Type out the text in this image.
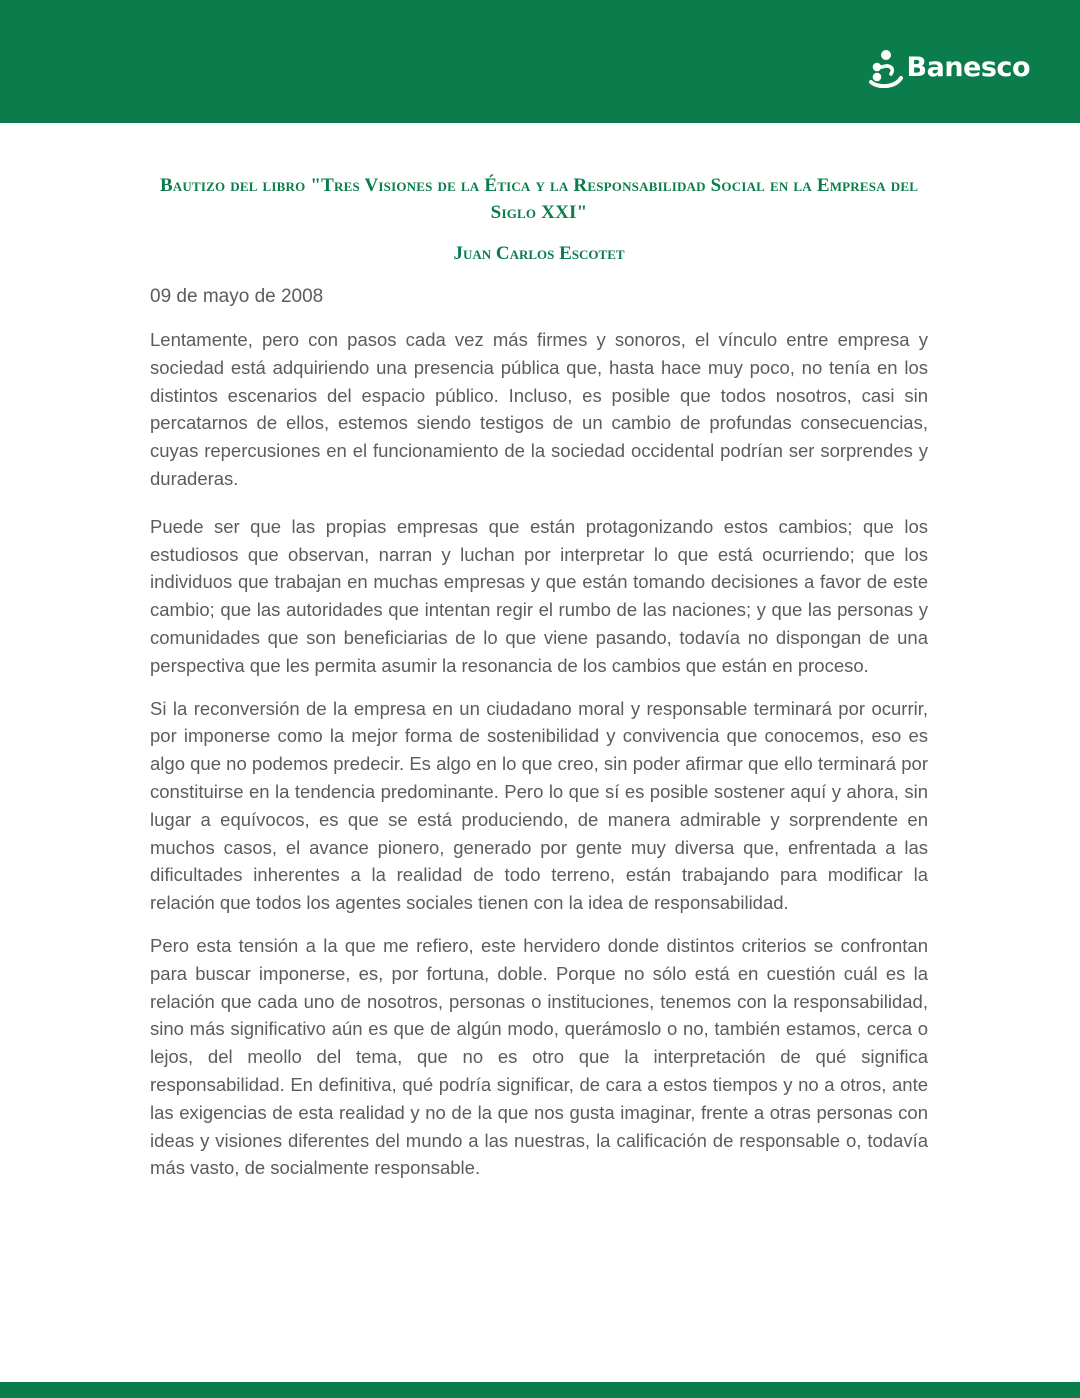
Banesco
Bautizo del libro "Tres Visiones de la Ética y la Responsabilidad Social en la Empresa del Siglo XXI"

Juan Carlos Escotet

09 de mayo de 2008

Lentamente, pero con pasos cada vez más firmes y sonoros, el vínculo entre empresa y sociedad está adquiriendo una presencia pública que, hasta hace muy poco, no tenía en los distintos escenarios del espacio público. Incluso, es posible que todos nosotros, casi sin percatarnos de ellos, estemos siendo testigos de un cambio de profundas consecuencias, cuyas repercusiones en el funcionamiento de la sociedad occidental podrían ser sorprendes y duraderas.

Puede ser que las propias empresas que están protagonizando estos cambios; que los estudiosos que observan, narran y luchan por interpretar lo que está ocurriendo; que los individuos que trabajan en muchas empresas y que están tomando decisiones a favor de este cambio; que las autoridades que intentan regir el rumbo de las naciones; y que las personas y comunidades que son beneficiarias de lo que viene pasando, todavía no dispongan de una perspectiva que les permita asumir la resonancia de los cambios que están en proceso.

Si la reconversión de la empresa en un ciudadano moral y responsable terminará por ocurrir, por imponerse como la mejor forma de sostenibilidad y convivencia que conocemos, eso es algo que no podemos predecir. Es algo en lo que creo, sin poder afirmar que ello terminará por constituirse en la tendencia predominante. Pero lo que sí es posible sostener aquí y ahora, sin lugar a equívocos, es que se está produciendo, de manera admirable y sorprendente en muchos casos, el avance pionero, generado por gente muy diversa que, enfrentada a las dificultades inherentes a la realidad de todo terreno, están trabajando para modificar la relación que todos los agentes sociales tienen con la idea de responsabilidad.

Pero esta tensión a la que me refiero, este hervidero donde distintos criterios se confrontan para buscar imponerse, es, por fortuna, doble. Porque no sólo está en cuestión cuál es la relación que cada uno de nosotros, personas o instituciones, tenemos con la responsabilidad, sino más significativo aún es que de algún modo, querámoslo o no, también estamos, cerca o lejos, del meollo del tema, que no es otro que la interpretación de qué significa responsabilidad. En definitiva, qué podría significar, de cara a estos tiempos y no a otros, ante las exigencias de esta realidad y no de la que nos gusta imaginar, frente a otras personas con ideas y visiones diferentes del mundo a las nuestras, la calificación de responsable o, todavía más vasto, de socialmente responsable.
